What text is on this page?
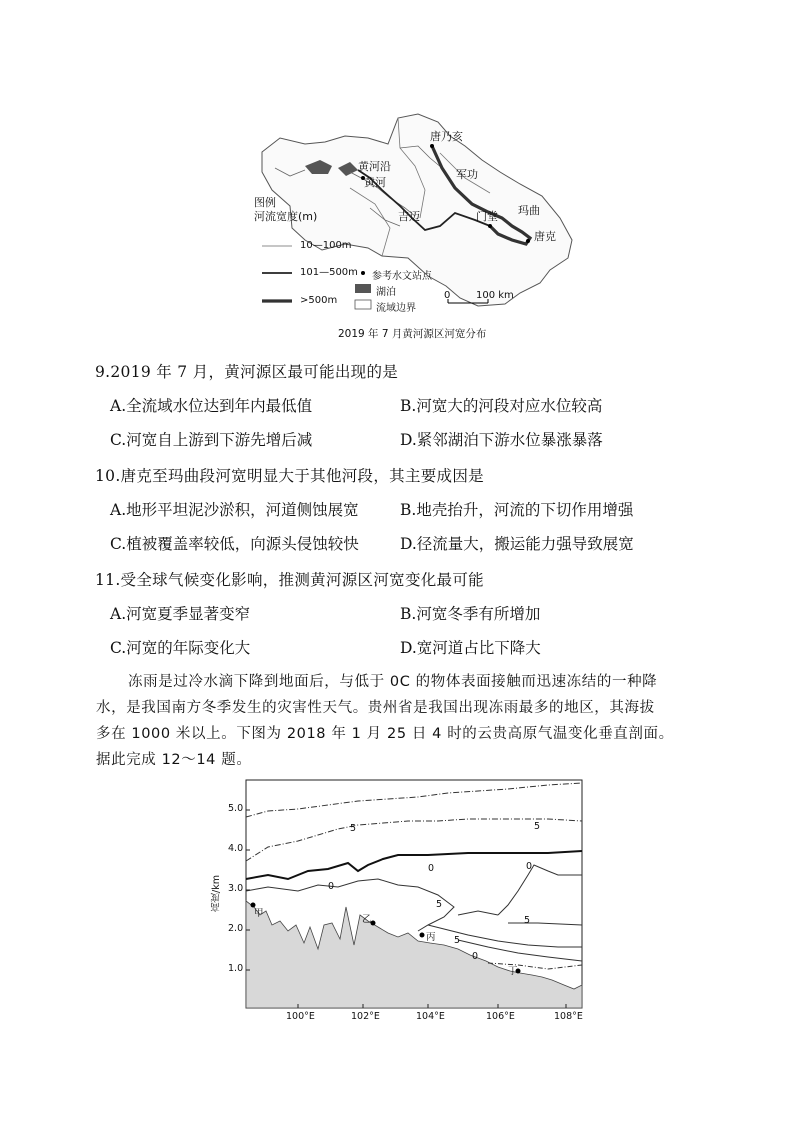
唐乃亥
黄河沿
黄河
军功
吉迈	门堂 玛曲
唐克
图例
河流宽度(m)
10—100m
101—500m
>500m
参考水文站点
湖泊
流域边界
0	100 km
2019 年 7 月黄河源区河宽分布
9.2019 年 7 月，黄河源区最可能出现的是
A.全流域水位达到年内最低值	B.河宽大的河段对应水位较高
C.河宽自上游到下游先增后减	D.紧邻湖泊下游水位暴涨暴落
10.唐克至玛曲段河宽明显大于其他河段，其主要成因是
A.地形平坦泥沙淤积，河道侧蚀展宽	B.地壳抬升，河流的下切作用增强
C.植被覆盖率较低，向源头侵蚀较快	D.径流量大，搬运能力强导致展宽
11.受全球气候变化影响，推测黄河源区河宽变化最可能
A.河宽夏季显著变窄	B.河宽冬季有所增加
C.河宽的年际变化大	D.宽河道占比下降大
冻雨是过冷水滴下降到地面后，与低于 0C 的物体表面接触而迅速冻结的一种降
水，是我国南方冬季发生的灾害性天气。贵州省是我国出现冻雨最多的地区，其海拔
多在 1000 米以上。下图为 2018 年 1 月 25 日 4 时的云贵高原气温变化垂直剖面。
据此完成 12～14 题。
高度/km
5.0
4.0
3.0
2.0
1.0
100°E	102°E	104°E	106°E	108°E
5	5
0
0	0
5
5
5
0
甲
乙
丙
丁
